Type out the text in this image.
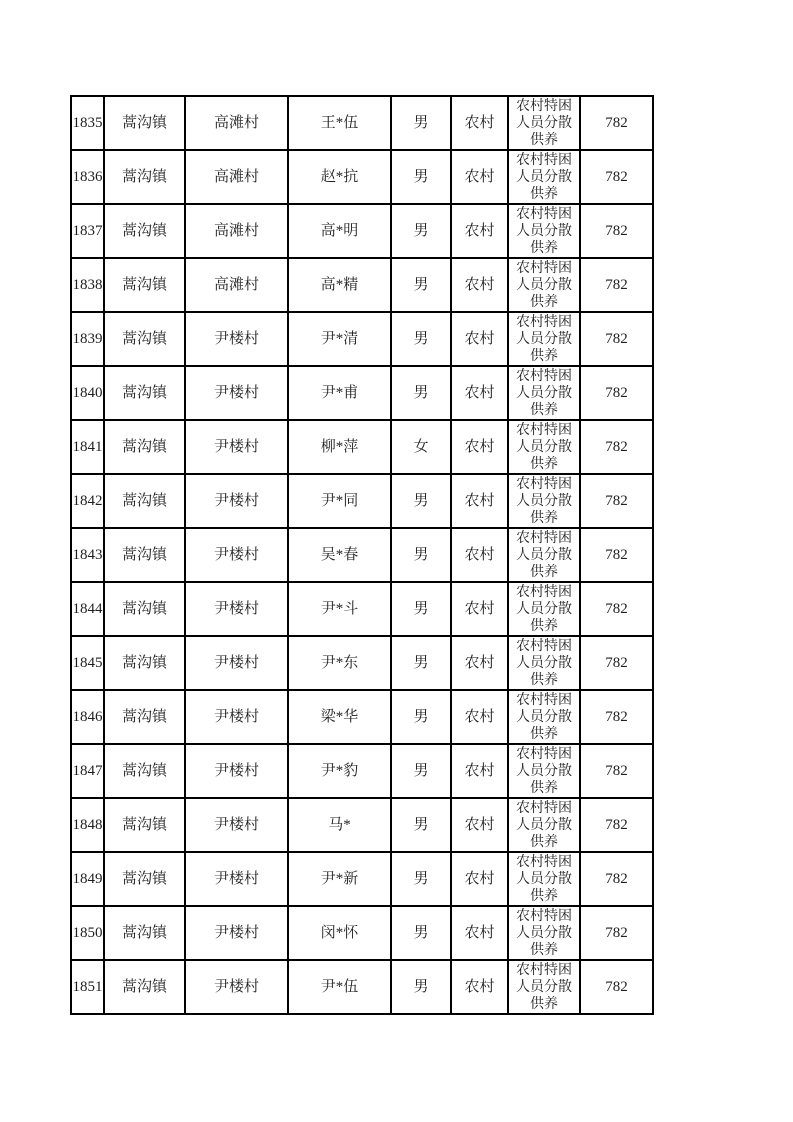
1835	蒿沟镇	高滩村	王*伍	男	农村	农村特困人员分散供养	782
1836	蒿沟镇	高滩村	赵*抗	男	农村	农村特困人员分散供养	782
1837	蒿沟镇	高滩村	高*明	男	农村	农村特困人员分散供养	782
1838	蒿沟镇	高滩村	高*精	男	农村	农村特困人员分散供养	782
1839	蒿沟镇	尹楼村	尹*清	男	农村	农村特困人员分散供养	782
1840	蒿沟镇	尹楼村	尹*甫	男	农村	农村特困人员分散供养	782
1841	蒿沟镇	尹楼村	柳*萍	女	农村	农村特困人员分散供养	782
1842	蒿沟镇	尹楼村	尹*同	男	农村	农村特困人员分散供养	782
1843	蒿沟镇	尹楼村	吴*春	男	农村	农村特困人员分散供养	782
1844	蒿沟镇	尹楼村	尹*斗	男	农村	农村特困人员分散供养	782
1845	蒿沟镇	尹楼村	尹*东	男	农村	农村特困人员分散供养	782
1846	蒿沟镇	尹楼村	梁*华	男	农村	农村特困人员分散供养	782
1847	蒿沟镇	尹楼村	尹*豹	男	农村	农村特困人员分散供养	782
1848	蒿沟镇	尹楼村	马*	男	农村	农村特困人员分散供养	782
1849	蒿沟镇	尹楼村	尹*新	男	农村	农村特困人员分散供养	782
1850	蒿沟镇	尹楼村	闵*怀	男	农村	农村特困人员分散供养	782
1851	蒿沟镇	尹楼村	尹*伍	男	农村	农村特困人员分散供养	782
